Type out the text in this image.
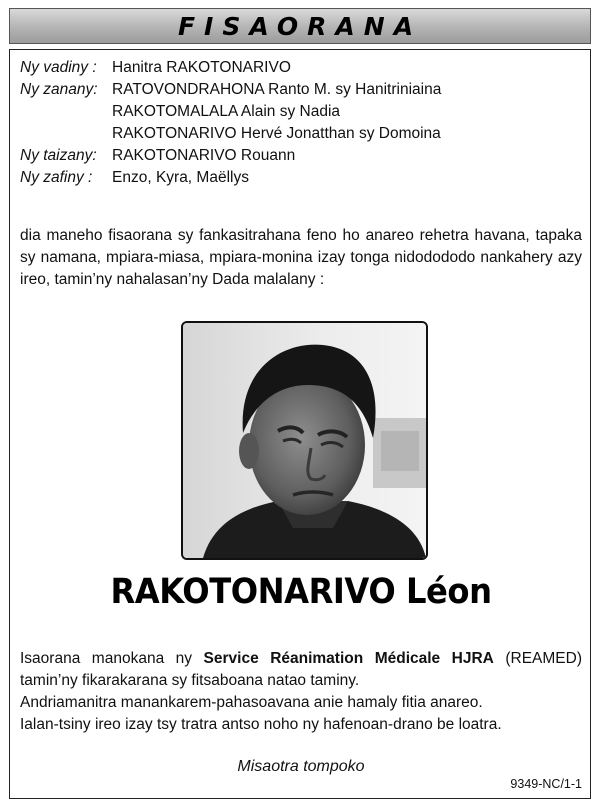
FISAORANA
Ny vadiny : Hanitra RAKOTONARIVO
Ny zanany: RATOVONDRAHONA Ranto M. sy Hanitriniaina
RAKOTOMALALA Alain sy Nadia
RAKOTONARIVO Hervé Jonatthan sy Domoina
Ny taizany: RAKOTONARIVO Rouann
Ny zafiny :	Enzo, Kyra, Maëllys

dia maneho fisaorana sy fankasitrahana feno ho anareo rehetra havana, tapaka sy namana, mpiara-miasa, mpiara-monina izay tonga nidodododo nankahery azy ireo, tamin’ny nahalasan’ny Dada malalany :

RAKOTONARIVO Léon

Isaorana manokana ny Service Réanimation Médicale HJRA (REAMED)

tamin’ny fikarakarana sy fitsaboana natao taminy.

Andriamanitra manankarem-pahasoavana anie hamaly fitia anareo.

Ialan-tsiny ireo izay tsy tratra antso noho ny hafenoan-drano be loatra.

Misaotra tompoko
9349-NC/1-1
